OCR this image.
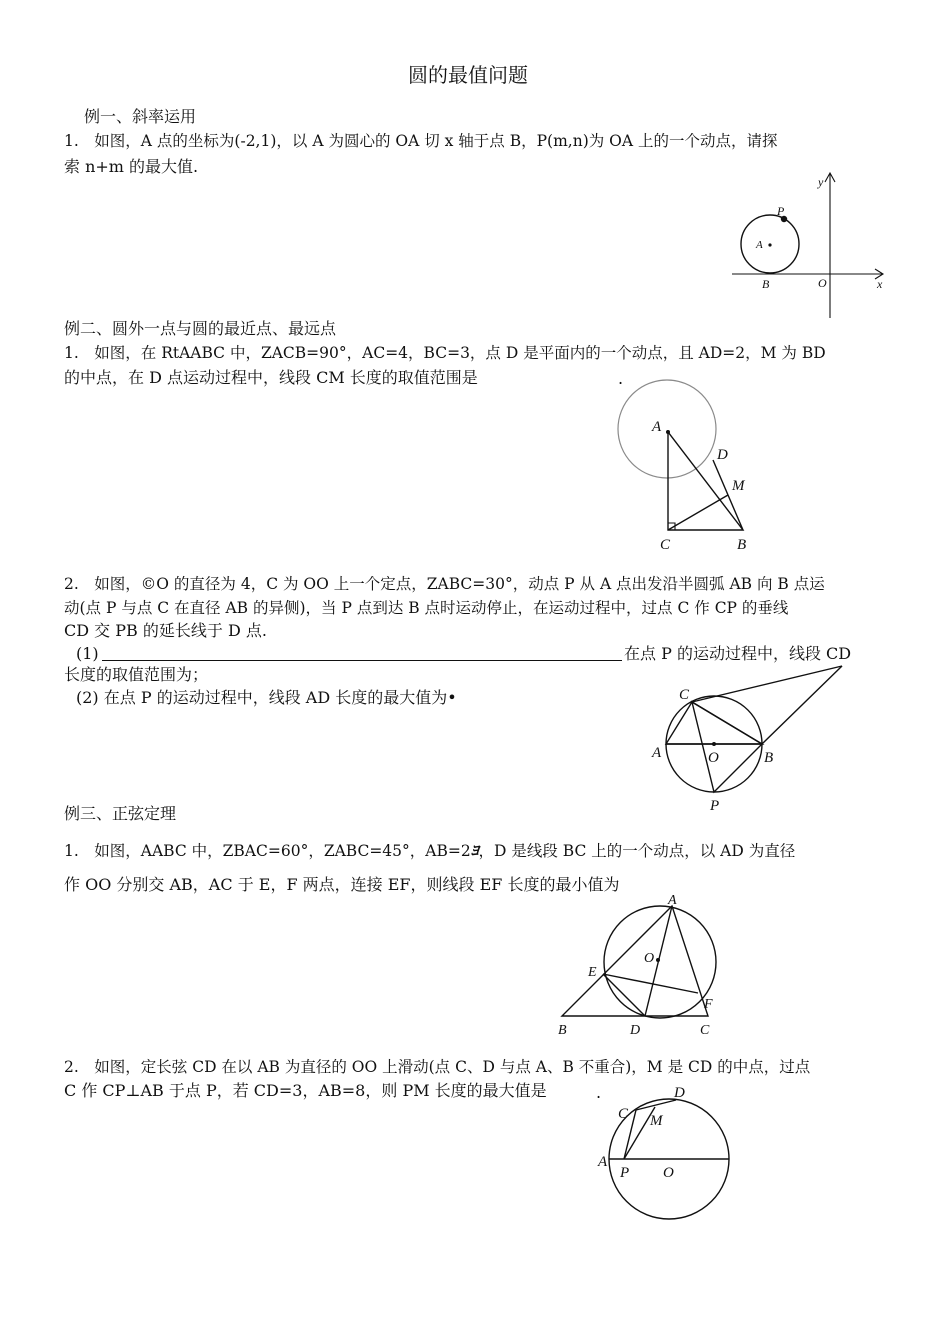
圆的最值问题
例一、斜率运用
1.　如图，A 点的坐标为(-2,1)，以 A 为圆心的 OA 切 x 轴于点 B，P(m,n)为 OA 上的一个动点，请探
索 n+m 的最大值.
y
P
A
B	O	x
例二、圆外一点与圆的最近点、最远点
1.　如图，在 RtAABC 中，ZACB=90°，AC=4，BC=3，点 D 是平面内的一个动点，且 AD=2，M 为 BD
的中点，在 D 点运动过程中，线段 CM 长度的取值范围是	.
A
D
M
C	B
2.　如图，©O 的直径为 4，C 为 OO 上一个定点，ZABC=30°，动点 P 从 A 点出发沿半圆弧 AB 向 B 点运
动(点 P 与点 C 在直径 AB 的异侧)，当 P 点到达 B 点时运动停止，在运动过程中，过点 C 作 CP 的垂线
CD 交 PB 的延长线于 D 点.
(1)	在点 P 的运动过程中，线段 CD
长度的取值范围为；
(2) 在点 P 的运动过程中，线段 AD 长度的最大值为•	C
A	O	B
P
例三、正弦定理
1.　如图，AABC 中，ZBAC=60°，ZABC=45°，AB=2ﾖ，D 是线段 BC 上的一个动点，以 AD 为直径
作 OO 分别交 AB，AC 于 E，F 两点，连接 EF，则线段 EF 长度的最小值为
A
O
E
F
B	D	C
2.　如图，定长弦 CD 在以 AB 为直径的 OO 上滑动(点 C、D 与点 A、B 不重合)，M 是 CD 的中点，过点
C 作 CP⊥AB 于点 P，若 CD=3，AB=8，则 PM 长度的最大值是	.	D
C M
A
P O
